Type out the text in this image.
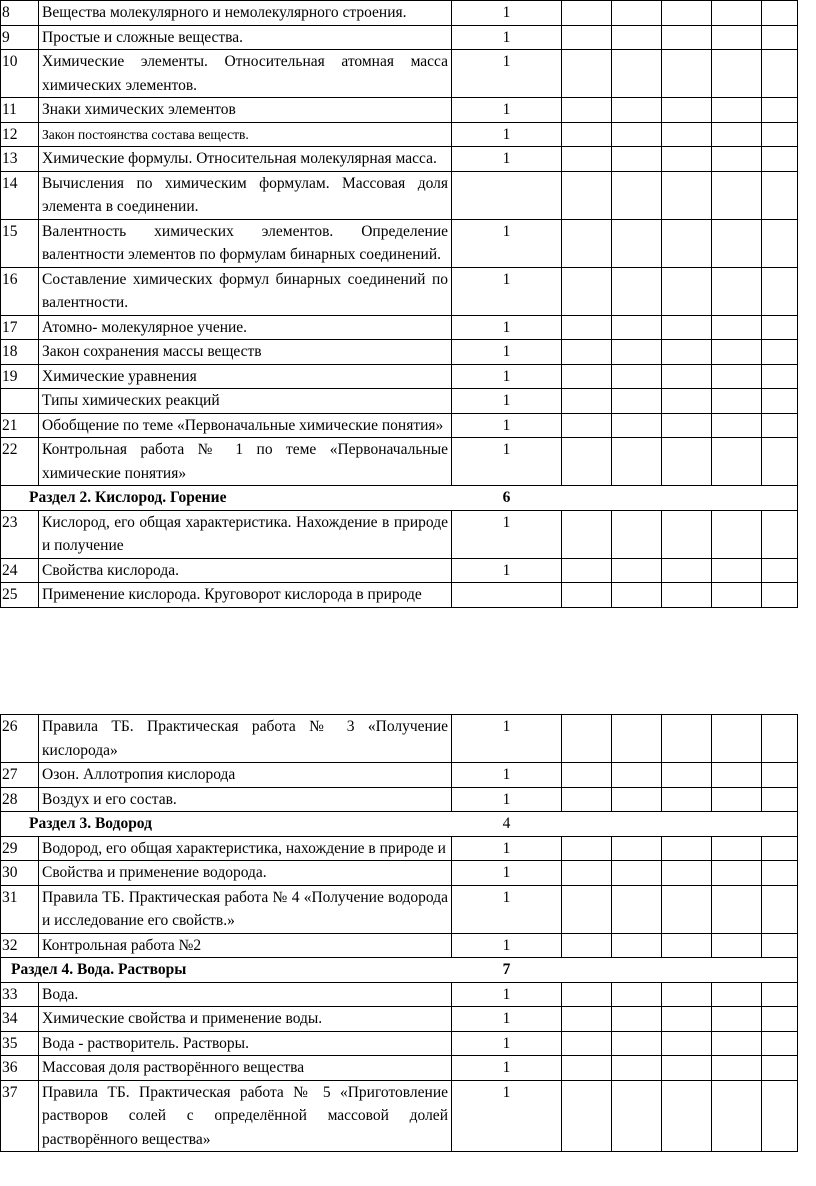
8	Вещества молекулярного и немолекулярного строения.	1					
9	Простые и сложные вещества.	1					
10	Химические элементы. Относительная атомная масса химических элементов.	1					
11	Знаки химических элементов	1					
12	Закон постоянства состава веществ.	1					
13	Химические формулы. Относительная молекулярная масса.	1					
14	Вычисления по химическим формулам. Массовая доля элемента в соединении.						
15	Валентность химических элементов. Определение валентности элементов по формулам бинарных соединений.	1					
16	Составление химических формул бинарных соединений по валентности.	1					
17	Атомно- молекулярное учение.	1					
18	Закон сохранения массы веществ	1					
19	Химические уравнения	1					
	Типы химических реакций	1					
21	Обобщение по теме «Первоначальные химические понятия»	1					
22	Контрольная работа № 1 по теме «Первоначальные химические понятия»	1					
Раздел 2. Кислород. Горение		6					
23	Кислород, его общая характеристика. Нахождение в природе и получение	1					
24	Свойства кислорода.	1					
25	Применение кислорода. Круговорот кислорода в природе						
26	Правила ТБ. Практическая работа № 3 «Получение кислорода»	1					
27	Озон. Аллотропия кислорода	1					
28	Воздух и его состав.	1					
Раздел 3. Водород		4					
29	Водород, его общая характеристика, нахождение в природе и	1					
30	Свойства и применение водорода.	1					
31	Правила ТБ. Практическая работа № 4 «Получение водорода и исследование его свойств.»	1					
32	Контрольная работа №2	1					
Раздел 4. Вода. Растворы		7					
33	Вода.	1					
34	Химические свойства и применение воды.	1					
35	Вода - растворитель. Растворы.	1					
36	Массовая доля растворённого вещества	1					
37	Правила ТБ. Практическая работа № 5 «Приготовление растворов солей с определённой массовой долей растворённого вещества»	1					
